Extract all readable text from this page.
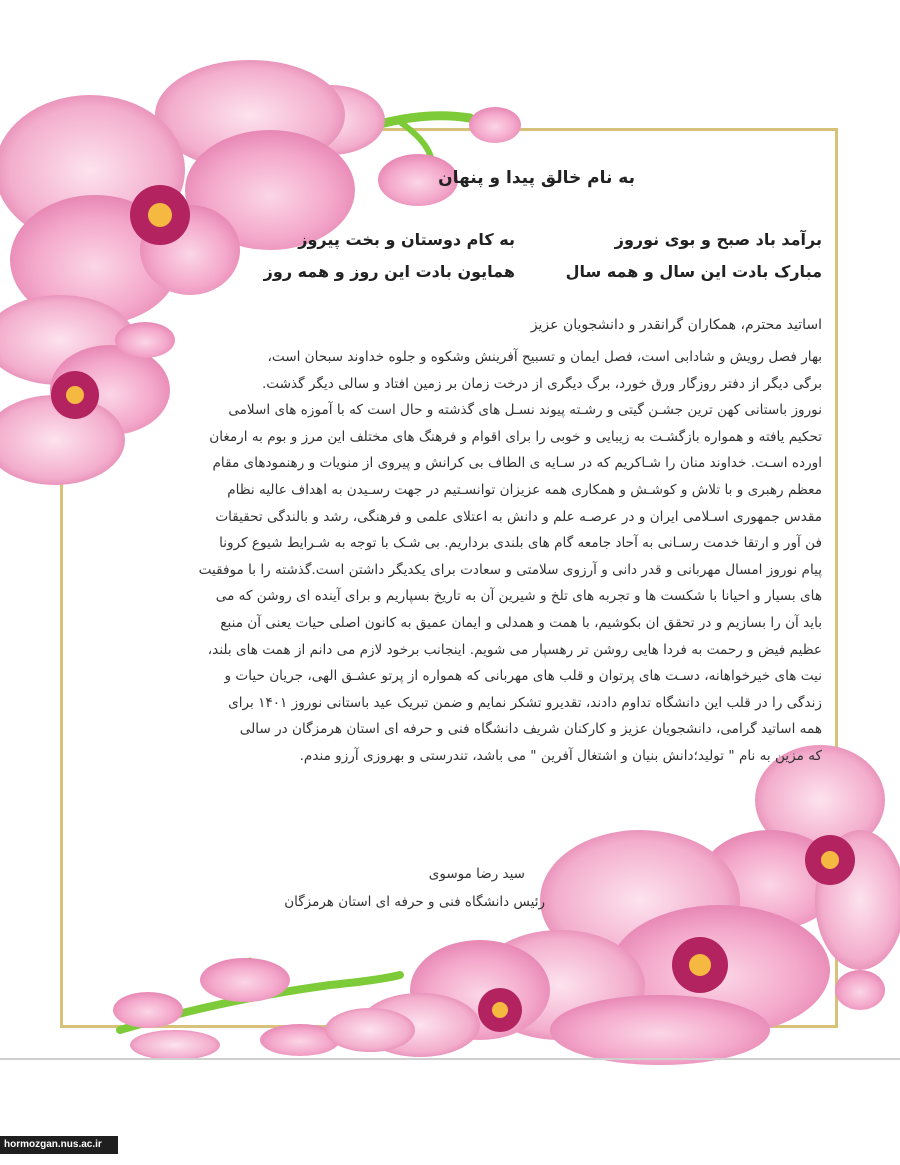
به نام خالق پیدا و پنهان
برآمد باد صبح و بوی نوروز
به کام دوستان و بخت پیروز
مبارک بادت این سال و همه سال
همایون بادت این روز و همه روز
اساتید محترم، همکاران گرانقدر و دانشجویان عزیز
بهار فصل رویش و شادابی است، فصل ایمان و تسبیح آفرینش وشکوه و جلوه خداوند سبحان است،
برگی دیگر از دفتر روزگار ورق خورد، برگ دیگری از درخت زمان بر زمین افتاد و سالی دیگر گذشت.
نوروز باستانی کهن ترین جشـن گیتی و رشـته پیوند نسـل های گذشته و حال است که با آموزه های اسلامی
تحکیم یافته و همواره بازگشـت به زیبایی و خوبی را برای اقوام و فرهنگ های مختلف این مرز و بوم به ارمغان
اورده اسـت. خداوند منان را شـاکریم که در سـایه ی الطاف بی کرانش و پیروی از منویات و رهنمودهای مقام
معظم رهبری و با تلاش و کوشـش و همکاری همه عزیزان توانسـتیم در جهت رسـیدن به اهداف عالیه نظام
مقدس جمهوری اسـلامی ایران و در عرصـه علم و دانش به اعتلای علمی و فرهنگی، رشد و بالندگی تحقیقات
فن آور و ارتقا خدمت رسـانی به آحاد جامعه گام های بلندی برداریم. بی شـک با توجه به شـرایط شیوع کرونا
پیام نوروز امسال مهربانی و قدر دانی و آرزوی سلامتی و سعادت برای یکدیگر داشتن است.گذشته را با موفقیت
های بسیار و احیانا با شکست ها و تجربه های تلخ و شیرین آن به تاریخ بسپاریم و برای آینده ای روشن که می
باید آن را بسازیم و در تحقق ان بکوشیم، با همت و همدلی و ایمان عمیق به کانون اصلی حیات یعنی آن منبع
عظیم فیض و رحمت به فردا هایی روشن تر رهسپار می شویم. اینجانب برخود لازم می دانم از همت های بلند،
نیت های خیرخواهانه، دسـت های پرتوان و قلب های مهربانی که همواره از پرتو عشـق الهی، جریان حیات و
زندگی را در قلب این دانشگاه تداوم دادند، تقدیرو تشکر نمایم و ضمن تبریک عید باستانی نوروز ۱۴۰۱ برای
همه اساتید گرامی، دانشجویان عزیز و کارکنان شریف دانشگاه فنی و حرفه ای استان هرمزگان در سالی
که مزین به نام " تولید؛دانش بنیان و اشتغال آفرین " می باشد، تندرستی و بهروزی آرزو مندم.
سید رضا موسوی
رئیس دانشگاه فنی و حرفه ای استان هرمزگان
hormozgan.nus.ac.ir
